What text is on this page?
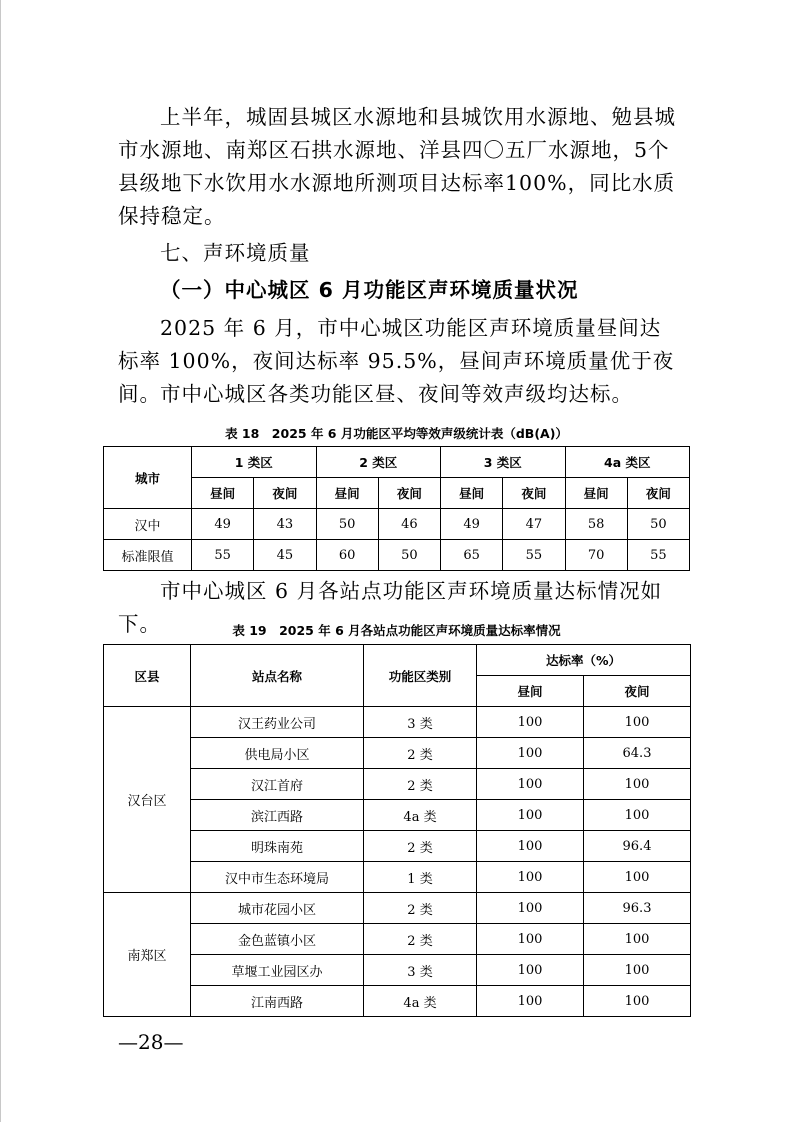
上半年，城固县城区水源地和县城饮用水源地、勉县城市水源地、南郑区石拱水源地、洋县四〇五厂水源地，5个县级地下水饮用水水源地所测项目达标率100%，同比水质保持稳定。

七、声环境质量

（一）中心城区 6 月功能区声环境质量状况

2025 年 6 月，市中心城区功能区声环境质量昼间达标率 100%，夜间达标率 95.5%，昼间声环境质量优于夜间。 市中心城区各类功能区昼、夜间等效声级均达标。

表 18　2025 年 6 月功能区平均等效声级统计表（dB(A)）

城市	1 类区		2 类区		3 类区		4a 类区	
	昼间	夜间	昼间	夜间	昼间	夜间	昼间	夜间
汉中	49	43	50	46	49	47	58	50
标准限值	55	45	60	50	65	55	70	55

市中心城区 6 月各站点功能区声环境质量达标情况如下。	表 19　2025 年 6 月各站点功能区声环境质量达标率情况

区县	站点名称	功能区类别	达标率（%）	
			昼间	夜间
汉台区	汉王药业公司	3 类	100	100
	供电局小区	2 类	100	64.3
	汉江首府	2 类	100	100
	滨江西路	4a 类	100	100
	明珠南苑	2 类	100	96.4
	汉中市生态环境局	1 类	100	100
南郑区	城市花园小区	2 类	100	96.3
	金色蓝镇小区	2 类	100	100
	草堰工业园区办	3 类	100	100
	江南西路	4a 类	100	100

—28—
